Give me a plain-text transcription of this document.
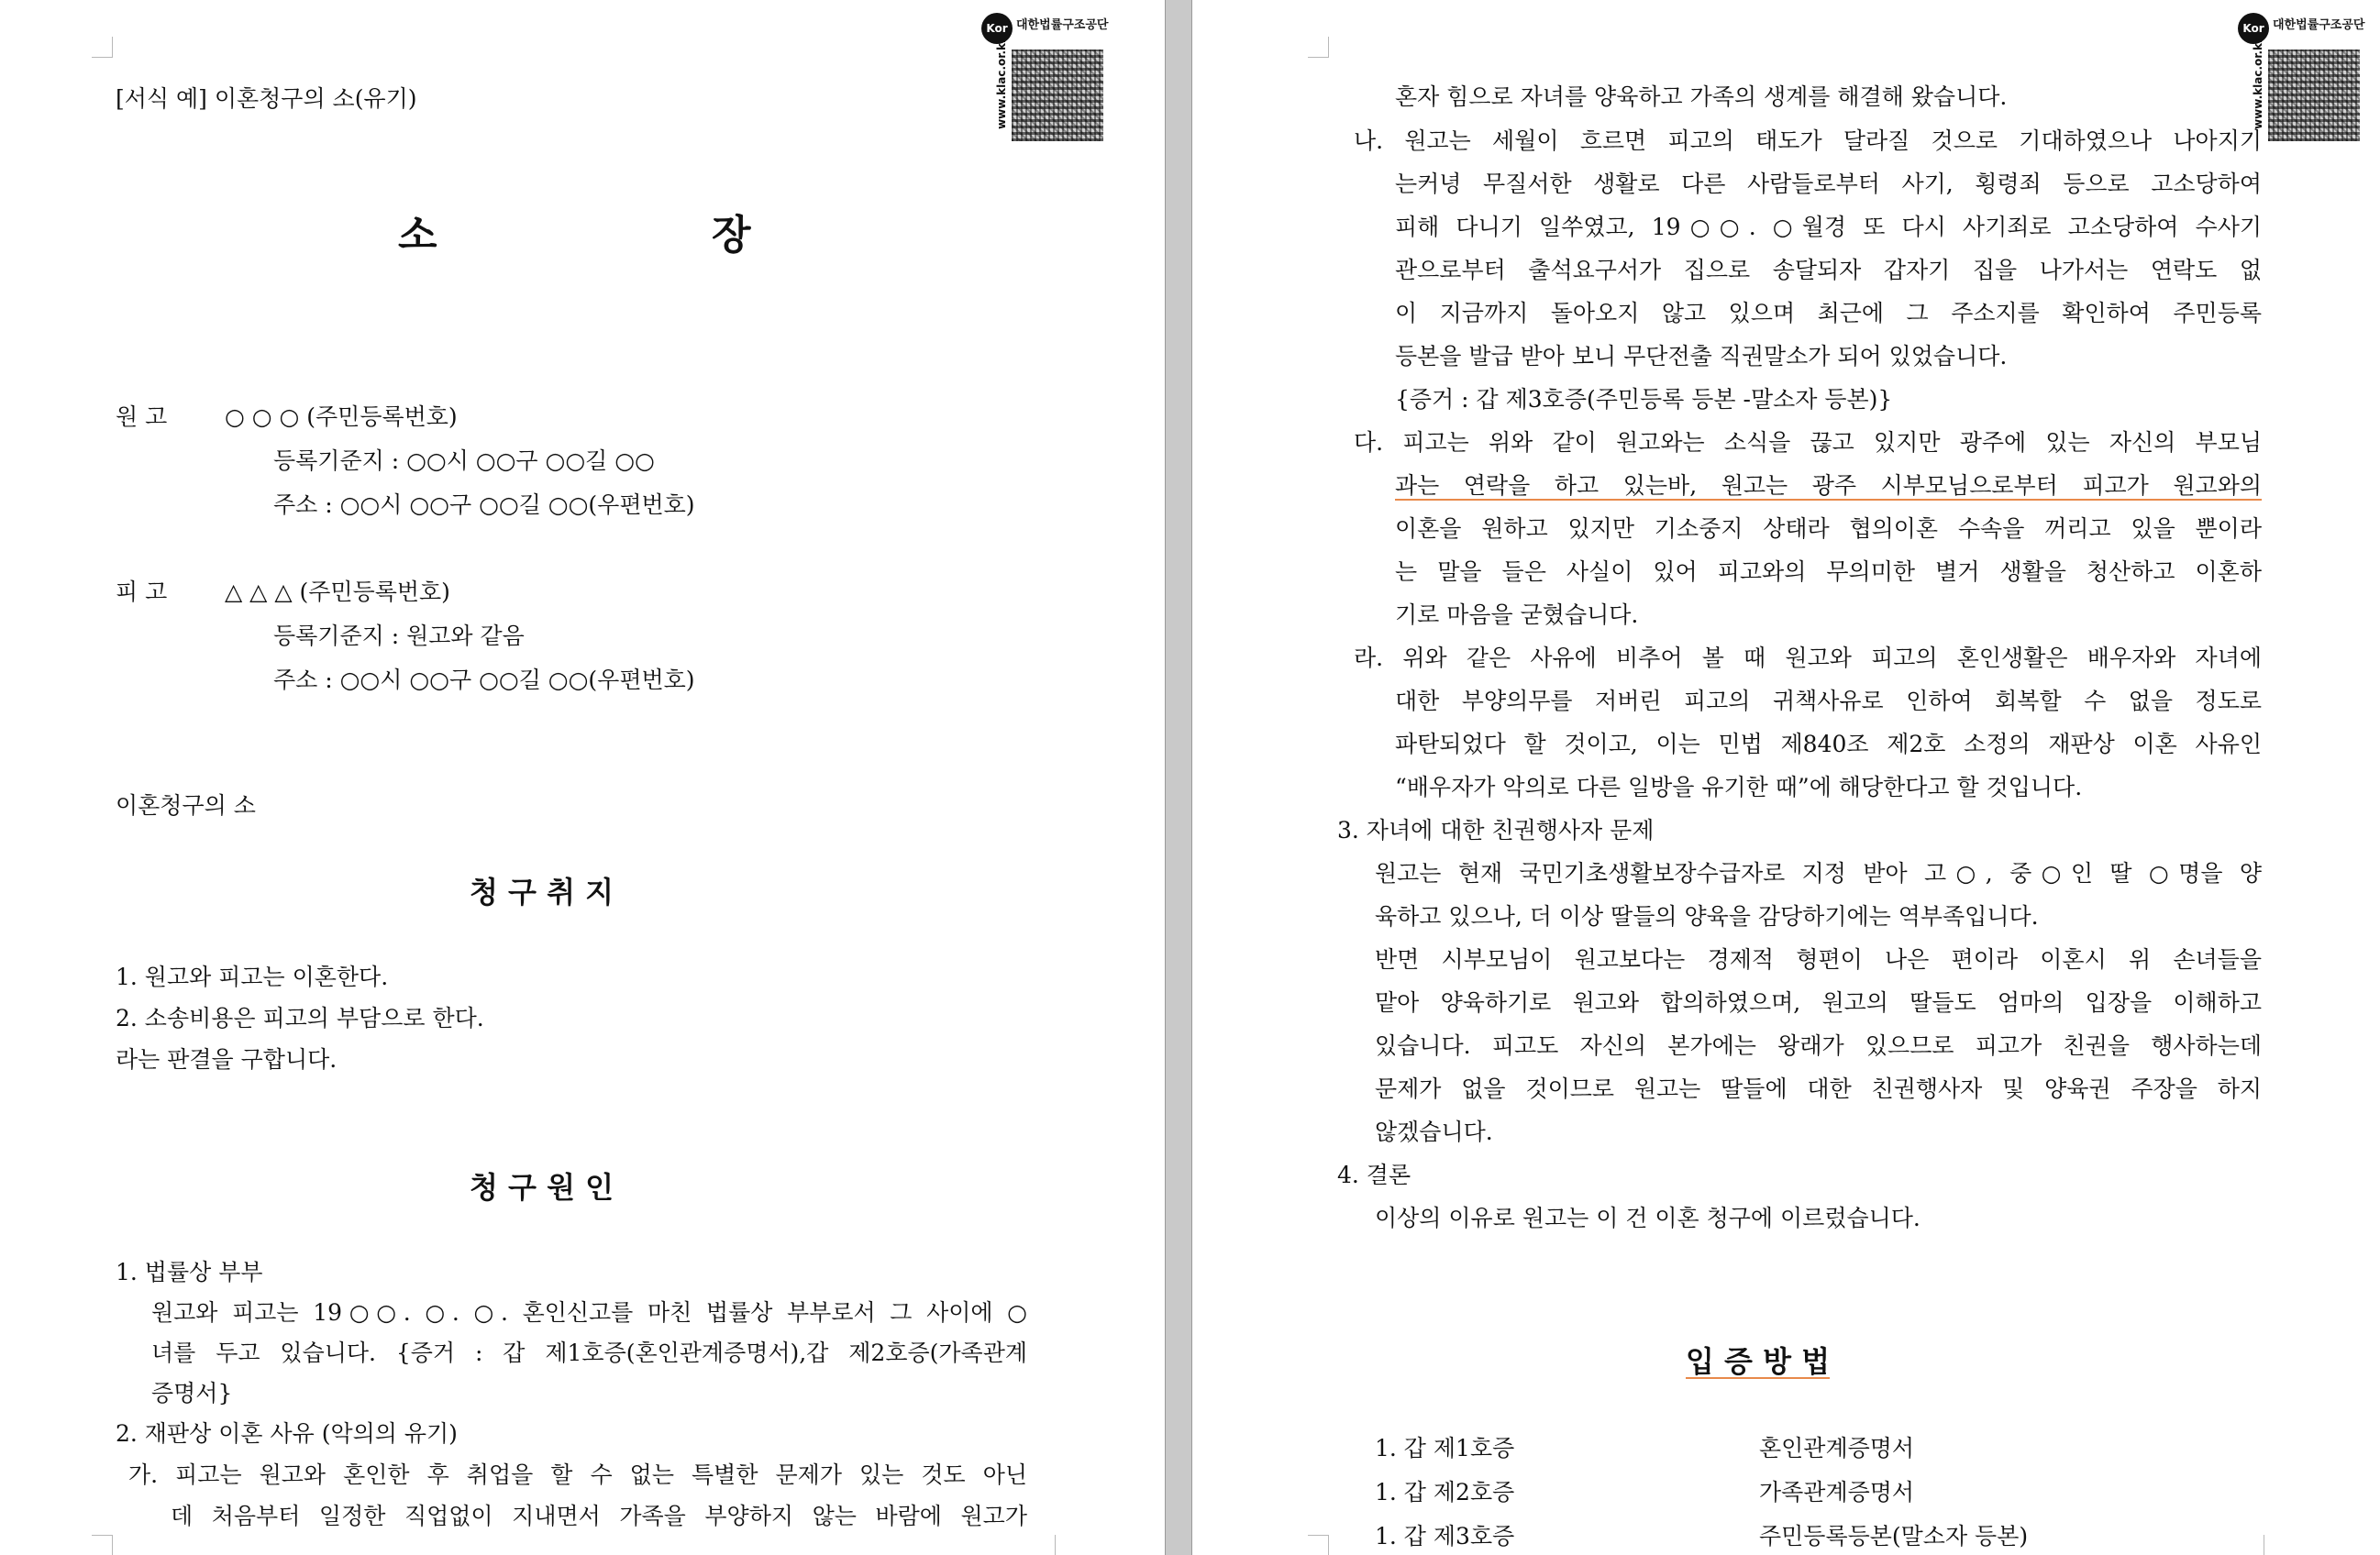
Kor 대한법률구조공단
www.klac.or.kr
[서식 예] 이혼청구의 소(유기)
소	장
원 고	○ ○ ○ (주민등록번호)
등록기준지 : ○○시 ○○구 ○○길 ○○
주소 : ○○시 ○○구 ○○길 ○○(우편번호)
피 고	△ △ △ (주민등록번호)
등록기준지 : 원고와 같음
주소 : ○○시 ○○구 ○○길 ○○(우편번호)
이혼청구의 소
청 구 취 지
1. 원고와 피고는 이혼한다.
2. 소송비용은 피고의 부담으로 한다.
라는 판결을 구합니다.
청 구 원 인
1. 법률상 부부
원고와 피고는 19○○. ○. ○. 혼인신고를 마친 법률상 부부로서 그 사이에 ○
녀를 두고 있습니다. {증거 : 갑 제1호증(혼인관계증명서),갑 제2호증(가족관계
증명서}
2. 재판상 이혼 사유 (악의의 유기)
가. 피고는 원고와 혼인한 후 취업을 할 수 없는 특별한 문제가 있는 것도 아닌
데 처음부터 일정한 직업없이 지내면서 가족을 부양하지 않는 바람에 원고가
Kor 대한법률구조공단
www.klac.or.kr
혼자 힘으로 자녀를 양육하고 가족의 생계를 해결해 왔습니다.
나. 원고는 세월이 흐르면 피고의 태도가 달라질 것으로 기대하였으나 나아지기
는커녕 무질서한 생활로 다른 사람들로부터 사기, 횡령죄 등으로 고소당하여
피해 다니기 일쑤였고, 19○○. ○월경 또 다시 사기죄로 고소당하여 수사기
관으로부터 출석요구서가 집으로 송달되자 갑자기 집을 나가서는 연락도 없
이 지금까지 돌아오지 않고 있으며 최근에 그 주소지를 확인하여 주민등록
등본을 발급 받아 보니 무단전출 직권말소가 되어 있었습니다.
{증거 : 갑 제3호증(주민등록 등본 -말소자 등본)}
다. 피고는 위와 같이 원고와는 소식을 끊고 있지만 광주에 있는 자신의 부모님
과는 연락을 하고 있는바, 원고는 광주 시부모님으로부터 피고가 원고와의
이혼을 원하고 있지만 기소중지 상태라 협의이혼 수속을 꺼리고 있을 뿐이라
는 말을 들은 사실이 있어 피고와의 무의미한 별거 생활을 청산하고 이혼하
기로 마음을 굳혔습니다.
라. 위와 같은 사유에 비추어 볼 때 원고와 피고의 혼인생활은 배우자와 자녀에
대한 부양의무를 저버린 피고의 귀책사유로 인하여 회복할 수 없을 정도로
파탄되었다 할 것이고, 이는 민법 제840조 제2호 소정의 재판상 이혼 사유인
“배우자가 악의로 다른 일방을 유기한 때”에 해당한다고 할 것입니다.
3. 자녀에 대한 친권행사자 문제
원고는 현재 국민기초생활보장수급자로 지정 받아 고○, 중○인 딸 ○명을 양
육하고 있으나, 더 이상 딸들의 양육을 감당하기에는 역부족입니다.
반면 시부모님이 원고보다는 경제적 형편이 나은 편이라 이혼시 위 손녀들을
맡아 양육하기로 원고와 합의하였으며, 원고의 딸들도 엄마의 입장을 이해하고
있습니다. 피고도 자신의 본가에는 왕래가 있으므로 피고가 친권을 행사하는데
문제가 없을 것이므로 원고는 딸들에 대한 친권행사자 및 양육권 주장을 하지
않겠습니다.
4. 결론
이상의 이유로 원고는 이 건 이혼 청구에 이르렀습니다.
입 증 방 법
1. 갑 제1호증	혼인관계증명서
1. 갑 제2호증	가족관계증명서
1. 갑 제3호증	주민등록등본(말소자 등본)
